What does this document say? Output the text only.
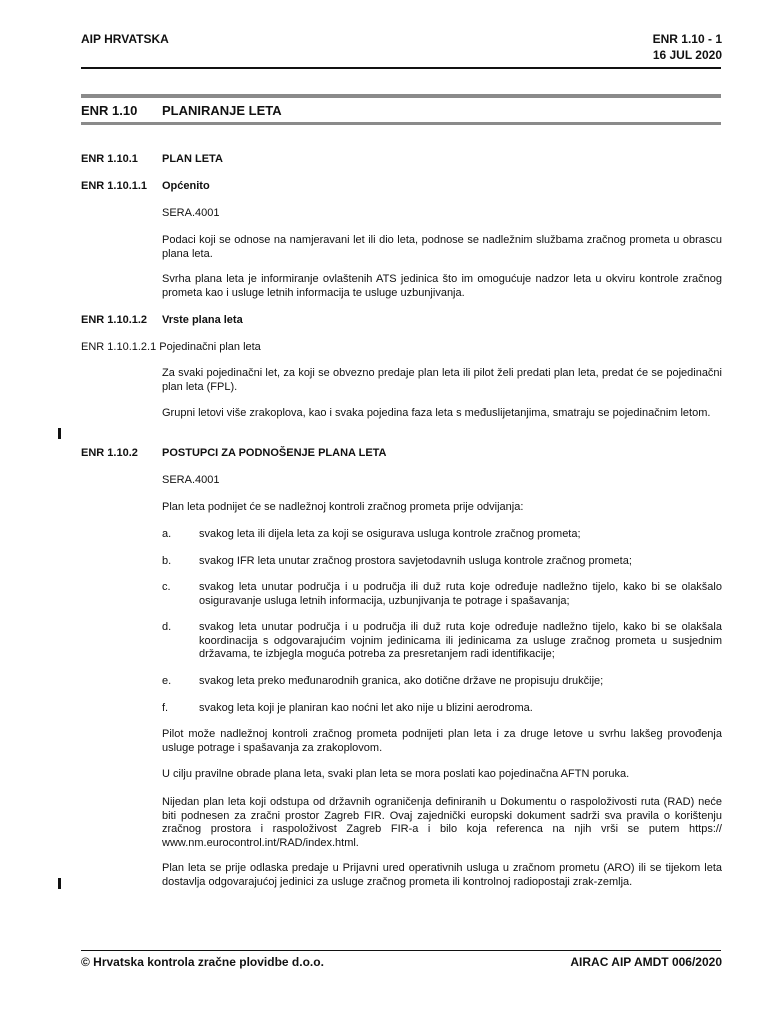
AIP HRVATSKA	ENR 1.10 - 1
16 JUL 2020
ENR 1.10 PLANIRANJE LETA
ENR 1.10.1 PLAN LETA
ENR 1.10.1.1 Općenito
SERA.4001
Podaci koji se odnose na namjeravani let ili dio leta, podnose se nadležnim službama zračnog prometa u obrascu plana leta.
Svrha plana leta je informiranje ovlaštenih ATS jedinica što im omogućuje nadzor leta u okviru kontrole zračnog prometa kao i usluge letnih informacija te usluge uzbunjivanja.
ENR 1.10.1.2 Vrste plana leta
ENR 1.10.1.2.1 Pojedinačni plan leta
Za svaki pojedinačni let, za koji se obvezno predaje plan leta ili pilot želi predati plan leta, predat će se pojedinačni plan leta (FPL).
Grupni letovi više zrakoplova, kao i svaka pojedina faza leta s međuslijetanjima, smatraju se pojedinačnim letom.
ENR 1.10.2 POSTUPCI ZA PODNOŠENJE PLANA LETA
SERA.4001
Plan leta podnijet će se nadležnoj kontroli zračnog prometa prije odvijanja:
a.	svakog leta ili dijela leta za koji se osigurava usluga kontrole zračnog prometa;
b.	svakog IFR leta unutar zračnog prostora savjetodavnih usluga kontrole zračnog prometa;
c.	svakog leta unutar područja i u područja ili duž ruta koje određuje nadležno tijelo, kako bi se olakšalo osiguravanje usluga letnih informacija, uzbunjivanja te potrage i spašavanja;
d.	svakog leta unutar područja i u područja ili duž ruta koje određuje nadležno tijelo, kako bi se olakšala koordinacija s odgovarajućim vojnim jedinicama ili jedinicama za usluge zračnog prometa u susjednim državama, te izbjegla moguća potreba za presretanjem radi identifikacije;
e.	svakog leta preko međunarodnih granica, ako dotične države ne propisuju drukčije;
f.	svakog leta koji je planiran kao noćni let ako nije u blizini aerodroma.
Pilot može nadležnoj kontroli zračnog prometa podnijeti plan leta i za druge letove u svrhu lakšeg provođenja usluge potrage i spašavanja za zrakoplovom.
U cilju pravilne obrade plana leta, svaki plan leta se mora poslati kao pojedinačna AFTN poruka.
Nijedan plan leta koji odstupa od državnih ograničenja definiranih u Dokumentu o raspoloživosti ruta (RAD) neće biti podnesen za zračni prostor Zagreb FIR. Ovaj zajednički europski dokument sadrži sva pravila o korištenju zračnog prostora i raspoloživost Zagreb FIR-a i bilo koja referenca na njih vrši se putem https:// www.nm.eurocontrol.int/RAD/index.html.
Plan leta se prije odlaska predaje u Prijavni ured operativnih usluga u zračnom prometu (ARO) ili se tijekom leta dostavlja odgovarajućoj jedinici za usluge zračnog prometa ili kontrolnoj radiopostaji zrak-zemlja.
© Hrvatska kontrola zračne plovidbe d.o.o.	AIRAC AIP AMDT 006/2020
